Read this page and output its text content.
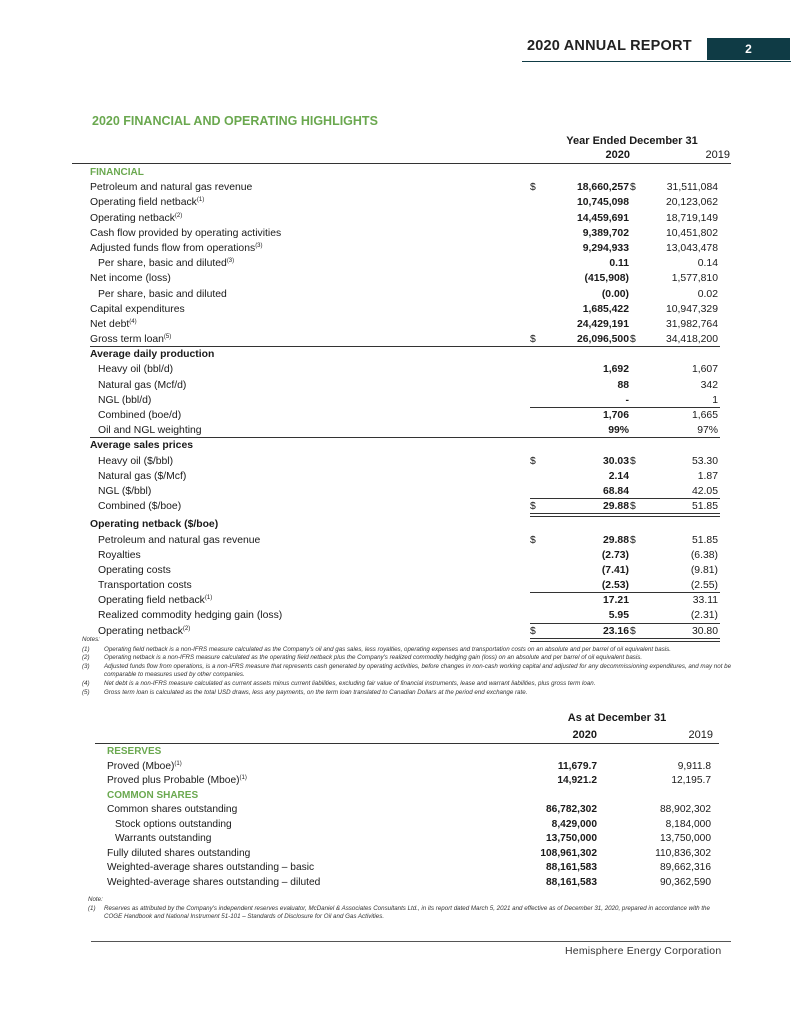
2020 ANNUAL REPORT	2
2020 FINANCIAL AND OPERATING HIGHLIGHTS
Year Ended December 31
2020	2019
FINANCIAL
Petroleum and natural gas revenue	$	18,660,257 $	31,511,084
Operating field netback$^{(1)}$	10,745,098	20,123,062
Operating netback$^{(2)}$	14,459,691	18,719,149
Cash flow provided by operating activities	9,389,702	10,451,802
Adjusted funds flow from operations$^{(3)}$	9,294,933	13,043,478
Per share, basic and diluted$^{(3)}$	0.11	0.14
Net income (loss)	(415,908)	1,577,810
Per share, basic and diluted	(0.00)	0.02
Capital expenditures	1,685,422	10,947,329
Net debt$^{(4)}$	24,429,191	31,982,764
Gross term loan$^{(5)}$	$	26,096,500 $	34,418,200
Average daily production
Heavy oil (bbl/d)	1,692	1,607
Natural gas (Mcf/d)	88	342
NGL (bbl/d)	-	1
Combined (boe/d)	1,706	1,665
Oil and NGL weighting	99%	97%
Average sales prices
Heavy oil ($/bbl)	$	30.03 $	53.30
Natural gas ($/Mcf)	2.14	1.87
NGL ($/bbl)	68.84	42.05
Combined ($/boe)	$	29.88 $	51.85
Operating netback ($/boe)
Petroleum and natural gas revenue	$	29.88 $	51.85
Royalties	(2.73)	(6.38)
Operating costs	(7.41)	(9.81)
Transportation costs	(2.53)	(2.55)
Operating field netback$^{(1)}$	17.21	33.11
Realized commodity hedging gain (loss)	5.95	(2.31)
Operating netback$^{(2)}$	$	23.16 $	30.80
Notes:
(1) Operating field netback is a non-IFRS measure calculated as the Company's oil and gas sales, less royalties, operating expenses and transportation costs on an absolute and per barrel of oil equivalent basis.
(2) Operating netback is a non-IFRS measure calculated as the operating field netback plus the Company's realized commodity hedging gain (loss) on an absolute and per barrel of oil equivalent basis.
(3) Adjusted funds flow from operations, is a non-IFRS measure that represents cash generated by operating activities, before changes in non-cash working capital and adjusted for any decommissioning expenditures, and may not be comparable to measures used by other companies.
(4) Net debt is a non-IFRS measure calculated as current assets minus current liabilities, excluding fair value of financial instruments, lease and warrant liabilities, plus gross term loan.
(5) Gross term loan is calculated as the total USD draws, less any payments, on the term loan translated to Canadian Dollars at the period end exchange rate.
As at December 31
2020	2019
RESERVES
Proved (Mboe)$^{(1)}$	11,679.7	9,911.8
Proved plus Probable (Mboe)$^{(1)}$	14,921.2	12,195.7
COMMON SHARES
Common shares outstanding	86,782,302	88,902,302
Stock options outstanding	8,429,000	8,184,000
Warrants outstanding	13,750,000	13,750,000
Fully diluted shares outstanding	108,961,302	110,836,302
Weighted-average shares outstanding – basic	88,161,583	89,662,316
Weighted-average shares outstanding – diluted	88,161,583	90,362,590
Note:
(1) Reserves as attributed by the Company's independent reserves evaluator, McDaniel & Associates Consultants Ltd., in its report dated March 5, 2021 and effective as of December 31, 2020, prepared in accordance with the COGE Handbook and National Instrument 51-101 – Standards of Disclosure for Oil and Gas Activities.
Hemisphere Energy Corporation
